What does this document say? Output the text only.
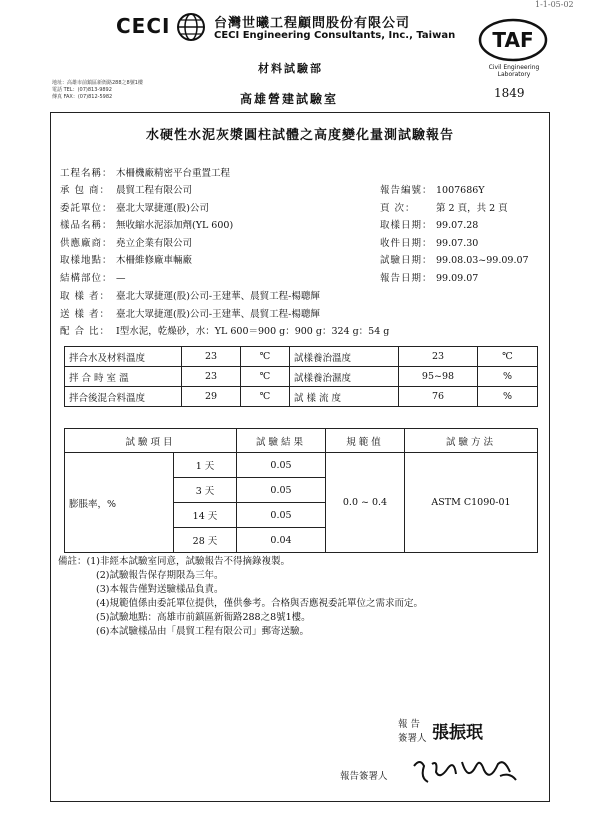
1-1-05-02
CECI	台灣世曦工程顧問股份有限公司
CECI Engineering Consultants, Inc., Taiwan TAF
Civil Engineering
Laboratory
1849
材料試驗部
地址：高雄市前鎮區新衙路288之8號1樓
電話 TEL：(07)813-9892
傳真 FAX：(07)812-5982	高雄營建試驗室
水硬性水泥灰漿圓柱試體之高度變化量測試驗報告
工程名稱： 木柵機廠精密平台重置工程
承 包 商： 晨貿工程有限公司
委託單位： 臺北大眾捷運(股)公司
樣品名稱： 無收縮水泥添加劑(YL 600)
供應廠商： 堯立企業有限公司
取樣地點： 木柵維修廠車輛廠
結構部位： —
取 樣 者： 臺北大眾捷運(股)公司-王建華、晨貿工程-楊聰輝
送 樣 者： 臺北大眾捷運(股)公司-王建華、晨貿工程-楊聰輝
配 合 比： I型水泥，乾燥砂，水：YL 600＝900 g：900 g：324 g：54 g
報告編號： 1007686Y
頁 次： 第 2 頁，共 2 頁
取樣日期： 99.07.28
收件日期： 99.07.30
試驗日期： 99.08.03~99.09.07
報告日期： 99.09.07
拌合水及材料溫度	23	℃	試樣養治溫度	23	℃
拌 合 時 室 溫	23	℃	試樣養治濕度	95~98	%
拌合後混合料溫度	29	℃	試 樣 流 度	76	%
試驗項目		試驗結果	規範值	試驗方法
膨脹率，%	1 天	0.05	0.0 ~ 0.4	ASTM C1090-01
	3 天	0.05		
	14 天	0.05		
	28 天	0.04		
備註：(1)非經本試驗室同意，試驗報告不得摘錄複製。
(2)試驗報告保存期限為三年。
(3)本報告僅對送驗樣品負責。
(4)規範值係由委託單位提供，僅供參考。合格與否應視委託單位之需求而定。
(5)試驗地點：高雄市前鎮區新衙路288之8號1樓。
(6)本試驗樣品由「晨貿工程有限公司」郵寄送驗。
報 告
簽署人 張振珉
報告簽署人
